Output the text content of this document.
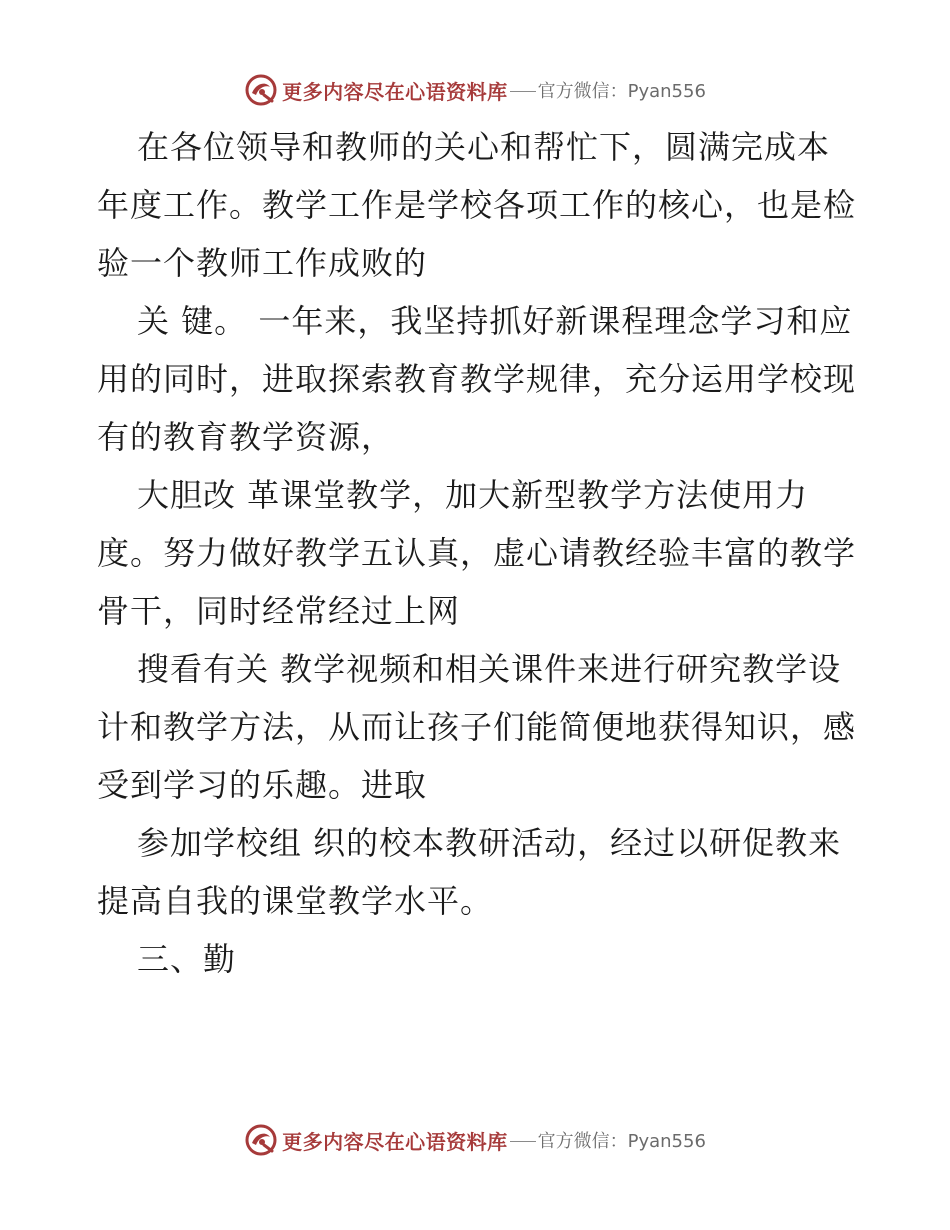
更多内容尽在心语资料库 官方微信：Pyan556

在各位领导和教师的关心和帮忙下，圆满完成本年度工作。教学工作是学校各项工作的核心，也是检验一个教师工作成败的

关 键。 一年来，我坚持抓好新课程理念学习和应用的同时，进取探索教育教学规律，充分运用学校现有的教育教学资源，

大胆改 革课堂教学，加大新型教学方法使用力度。努力做好教学五认真，虚心请教经验丰富的教学骨干，同时经常经过上网

搜看有关 教学视频和相关课件来进行研究教学设计和教学方法，从而让孩子们能简便地获得知识，感受到学习的乐趣。进取

参加学校组 织的校本教研活动，经过以研促教来提高自我的课堂教学水平。

三、勤

更多内容尽在心语资料库 官方微信：Pyan556
